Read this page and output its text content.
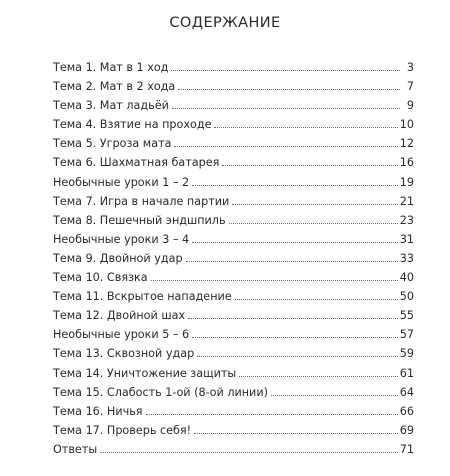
СОДЕРЖАНИЕ
Тема 1. Мат в 1 ход	3
Тема 2. Мат в 2 хода	7
Тема 3. Мат ладьёй	9
Тема 4. Взятие на проходе	10
Тема 5. Угроза мата	12
Тема 6. Шахматная батарея	16
Необычные уроки 1 – 2	19
Тема 7. Игра в начале партии	21
Тема 8. Пешечный эндшпиль	23
Необычные уроки 3 – 4	31
Тема 9. Двойной удар	33
Тема 10. Связка	40
Тема 11. Вскрытое нападение	50
Тема 12. Двойной шах	55
Необычные уроки 5 – 6	57
Тема 13. Сквозной удар	59
Тема 14. Уничтожение защиты	61
Тема 15. Слабость 1-ой (8-ой линии)	64
Тема 16. Ничья	66
Тема 17. Проверь себя!	69
Ответы	71
